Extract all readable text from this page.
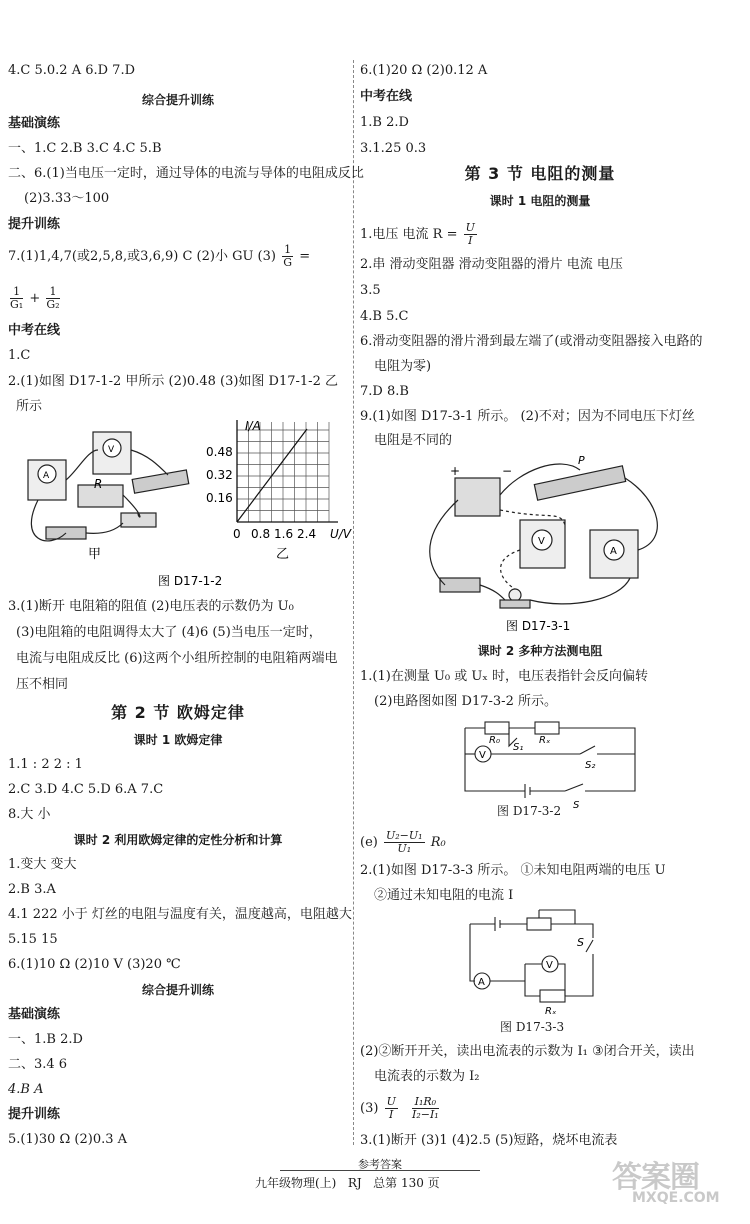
4.C 5.0.2 A 6.D 7.D
综合提升训练
基础演练
一、1.C 2.B 3.C 4.C 5.B
二、6.(1)当电压一定时，通过导体的电流与导体的电阻成反比
(2)3.33～100
提升训练
7.(1)1,4,7(或2,5,8,或3,6,9) C (2)小 GU $(3) \frac{1}{G}$ =
$\frac{1}{\text{G₁}} + \frac{1}{\text{G₂}}$
中考在线
1.C
2.(1)如图 D17-1-2 甲所示 (2)0.48 (3)如图 D17-1-2 乙
所示
A
V
R
甲
I/A
U/V
0.48
0.32
0.16
0 0.8 1.6 2.4
乙
图 D17-1-2
3.(1)断开 电阻箱的阻值 (2)电压表的示数仍为 U₀
(3)电阻箱的电阻调得太大了 (4)6 (5)当电压一定时，
电流与电阻成反比 (6)这两个小组所控制的电阻箱两端电
压不相同
第 2 节 欧姆定律
课时 1 欧姆定律
1.1 : 2 2 : 1
2.C 3.D 4.C 5.D 6.A 7.C
8.大 小
课时 2 利用欧姆定律的定性分析和计算
1.变大 变大
2.B 3.A
4.1 222 小于 灯丝的电阻与温度有关，温度越高，电阻越大
5.15 15
6.(1)10 Ω (2)10 V (3)20 ℃
综合提升训练
基础演练
一、1.B 2.D
二、3.4 6
4.B A
提升训练
5.(1)30 Ω (2)0.3 A
6.(1)20 Ω (2)0.12 A
中考在线
1.B 2.D
3.1.25 0.3
第 3 节 电阻的测量
课时 1 电阻的测量
1.电压 电流 $R = \frac{U}{I}$
2.串 滑动变阻器 滑动变阻器的滑片 电流 电压
3.5
4.B 5.C
6.滑动变阻器的滑片滑到最左端了(或滑动变阻器接入电路的
电阻为零)
7.D 8.B
9.(1)如图 D17-3-1 所示。 (2)不对；因为不同电压下灯丝
电阻是不同的
V
A
P
+	−
图 D17-3-1
课时 2 多种方法测电阻
1.(1)在测量 U₀ 或 Uₓ 时，电压表指针会反向偏转
(2)电路图如图 D17-3-2 所示。
V
R₀	Rₓ
S₁
S₂
S
图 D17-3-2
$(e) \frac{\text{U₂−U₁}}{\text{U₁}} R_0$
2.(1)如图 D17-3-3 所示。 ①未知电阻两端的电压 U
②通过未知电阻的电流 I
A
V
Rₓ
S
图 D17-3-3
(2)②断开开关，读出电流表的示数为 I₁ ③闭合开关，读出
电流表的示数为 I₂
$(3) \frac{U}{I}$
$\frac{\text{I₁R₀}}{\text{I₂−I₁}}$
3.(1)断开 (3)1 (4)2.5 (5)短路，烧坏电流表
参考答案
九年级物理(上) RJ 总第 130 页	答案圈
MXQE.COM
